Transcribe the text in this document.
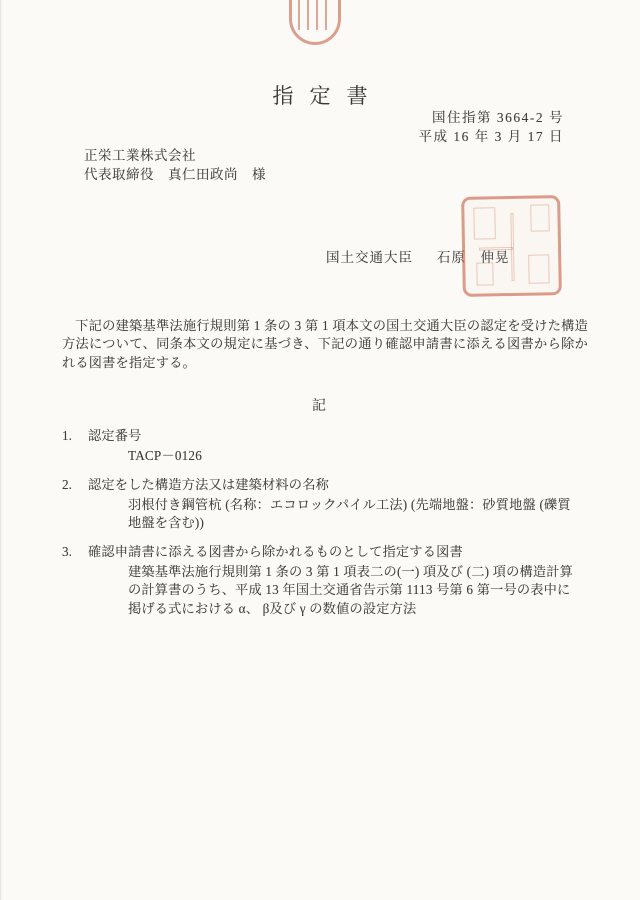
指定書
国住指第 3664-2 号
平成 16 年 3 月 17 日
正栄工業株式会社
代表取締役　真仁田政尚　様
国土交通大臣 石原　伸晃
下記の建築基準法施行規則第 1 条の 3 第 1 項本文の国土交通大臣の認定を受けた構造方法について、同条本文の規定に基づき、下記の通り確認申請書に添える図書から除かれる図書を指定する。
記
1.	認定番号
TACP－0126
2.	認定をした構造方法又は建築材料の名称
羽根付き鋼管杭 (名称：エコロックパイル工法) (先端地盤：砂質地盤 (礫質地盤を含む))
3.	確認申請書に添える図書から除かれるものとして指定する図書
建築基準法施行規則第 1 条の 3 第 1 項表二の(一) 項及び (二) 項の構造計算の計算書のうち、平成 13 年国土交通省告示第 1113 号第 6 第一号の表中に掲げる式における α、 β及び γ の数値の設定方法
